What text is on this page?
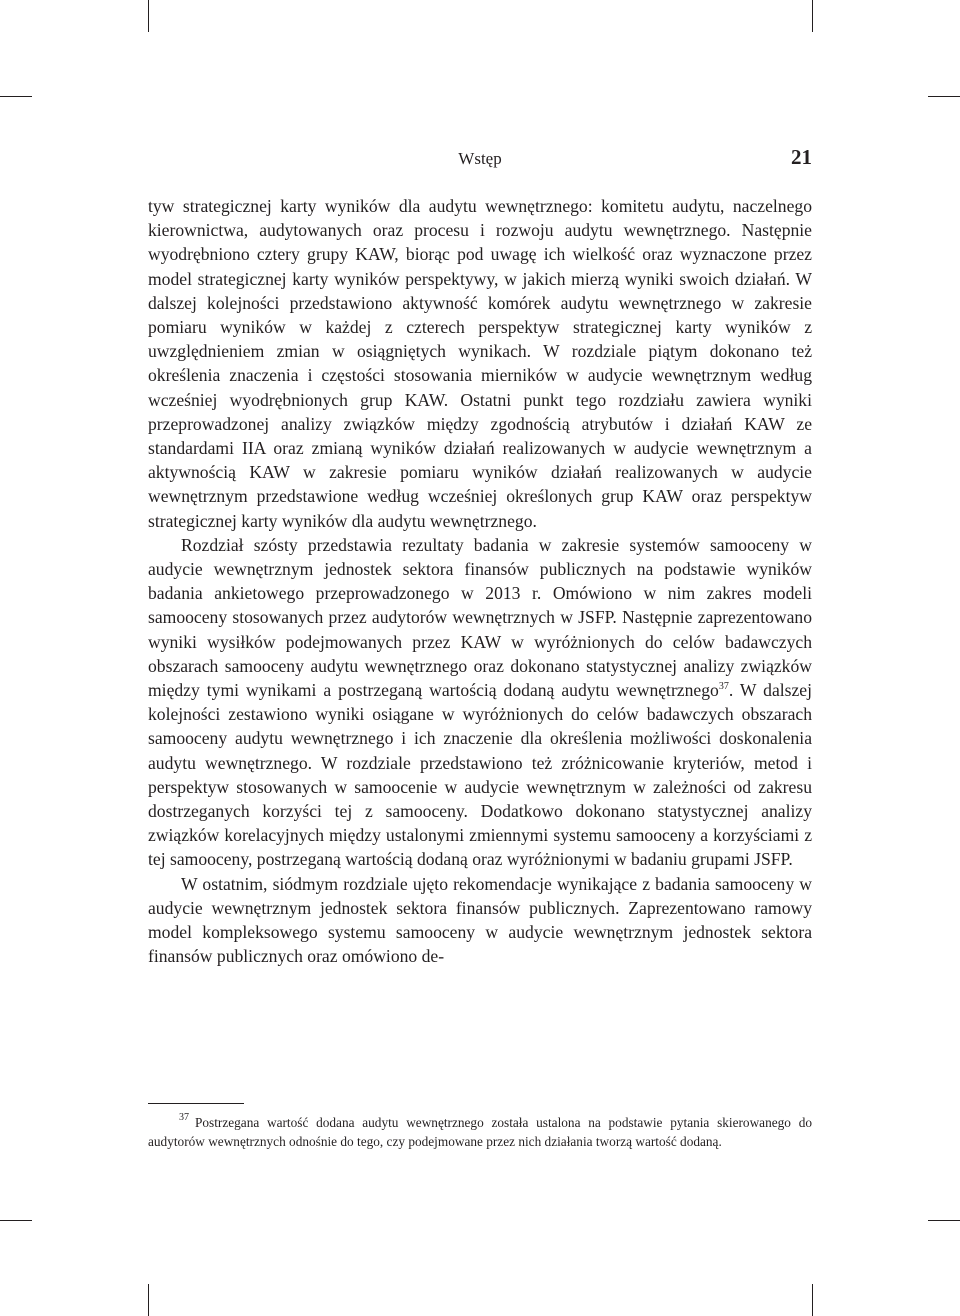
Wstęp	21

tyw strategicznej karty wyników dla audytu wewnętrznego: komitetu audytu, naczelnego kierownictwa, audytowanych oraz procesu i rozwoju audytu wewnętrznego. Następnie wyodrębniono cztery grupy KAW, biorąc pod uwagę ich wielkość oraz wyznaczone przez model strategicznej karty wyników perspektywy, w jakich mierzą wyniki swoich działań. W dalszej kolejności przedstawiono aktywność komórek audytu wewnętrznego w zakresie pomiaru wyników w każdej z czterech perspektyw strategicznej karty wyników z uwzględnieniem zmian w osiągniętych wynikach. W rozdziale piątym dokonano też określenia znaczenia i częstości stosowania mierników w audycie wewnętrznym według wcześniej wyodrębnionych grup KAW. Ostatni punkt tego rozdziału zawiera wyniki przeprowadzonej analizy związków między zgodnością atrybutów i działań KAW ze standardami IIA oraz zmianą wyników działań realizowanych w audycie wewnętrznym a aktywnością KAW w zakresie pomiaru wyników działań realizowanych w audycie wewnętrznym przedstawione według wcześniej określonych grup KAW oraz perspektyw strategicznej karty wyników dla audytu wewnętrznego.

Rozdział szósty przedstawia rezultaty badania w zakresie systemów samooceny w audycie wewnętrznym jednostek sektora finansów publicznych na podstawie wyników badania ankietowego przeprowadzonego w 2013 r. Omówiono w nim zakres modeli samooceny stosowanych przez audytorów wewnętrznych w JSFP. Następnie zaprezentowano wyniki wysiłków podejmowanych przez KAW w wyróżnionych do celów badawczych obszarach samooceny audytu wewnętrznego oraz dokonano statystycznej analizy związków między tymi wynikami a postrzeganą wartością dodaną audytu wewnętrznego$^{37}$. W dalszej kolejności zestawiono wyniki osiągane w wyróżnionych do celów badawczych obszarach samooceny audytu wewnętrznego i ich znaczenie dla określenia możliwości doskonalenia audytu wewnętrznego. W rozdziale przedstawiono też zróżnicowanie kryteriów, metod i perspektyw stosowanych w samoocenie w audycie wewnętrznym w zależności od zakresu dostrzeganych korzyści tej z samooceny. Dodatkowo dokonano statystycznej analizy związków korelacyjnych między ustalonymi zmiennymi systemu samooceny a korzyściami z tej samooceny, postrzeganą wartością dodaną oraz wyróżnionymi w badaniu grupami JSFP.

W ostatnim, siódmym rozdziale ujęto rekomendacje wynikające z badania samooceny w audycie wewnętrznym jednostek sektora finansów publicznych. Zaprezentowano ramowy model kompleksowego systemu samooceny w audycie wewnętrznym jednostek sektora finansów publicznych oraz omówiono de-

$^{37}$ Postrzegana wartość dodana audytu wewnętrznego została ustalona na podstawie pytania skierowanego do audytorów wewnętrznych odnośnie do tego, czy podejmowane przez nich działania tworzą wartość dodaną.
